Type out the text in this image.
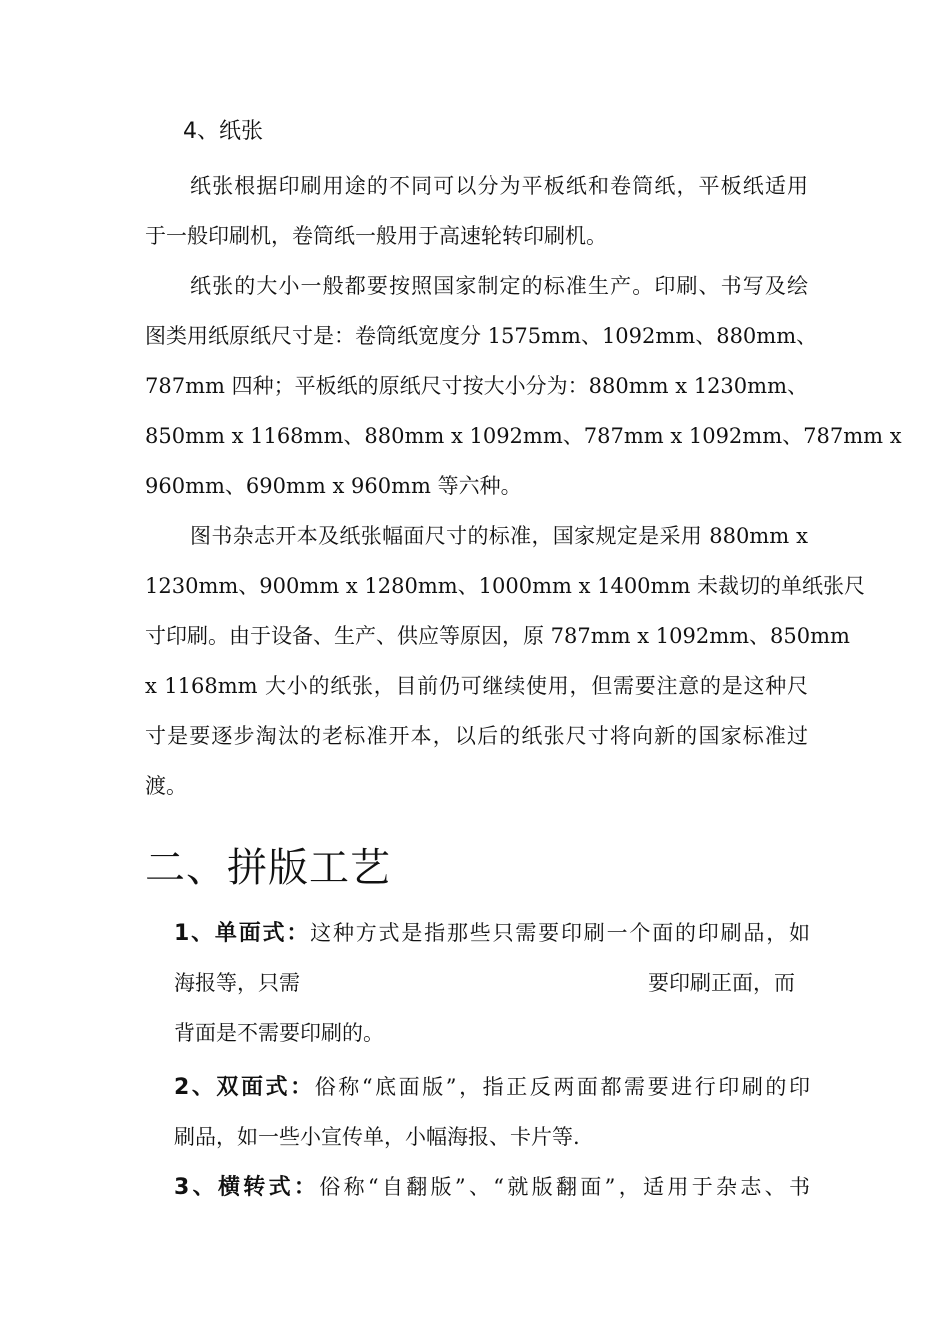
4、纸张
纸张根据印刷用途的不同可以分为平板纸和卷筒纸，平板纸适用
于一般印刷机，卷筒纸一般用于高速轮转印刷机。
纸张的大小一般都要按照国家制定的标准生产。印刷、书写及绘
图类用纸原纸尺寸是：卷筒纸宽度分 1575mm、1092mm、880mm、
787mm 四种；平板纸的原纸尺寸按大小分为：880mm x 1230mm、
850mm x 1168mm、880mm x 1092mm、787mm x 1092mm、787mm x
960mm、690mm x 960mm 等六种。
图书杂志开本及纸张幅面尺寸的标准，国家规定是采用 880mm x
1230mm、900mm x 1280mm、1000mm x 1400mm 未裁切的单纸张尺
寸印刷。由于设备、生产、供应等原因，原 787mm x 1092mm、850mm
x 1168mm 大小的纸张，目前仍可继续使用，但需要注意的是这种尺
寸是要逐步淘汰的老标准开本，以后的纸张尺寸将向新的国家标准过
渡。
二、拼版工艺
1、单面式：这种方式是指那些只需要印刷一个面的印刷品，如
海报等，只需	要印刷正面，而
背面是不需要印刷的。
2、双面式：俗称“底面版”，指正反两面都需要进行印刷的印
刷品，如一些小宣传单，小幅海报、卡片等.
3、横转式：俗称“自翻版”、“就版翻面”，适用于杂志、书
